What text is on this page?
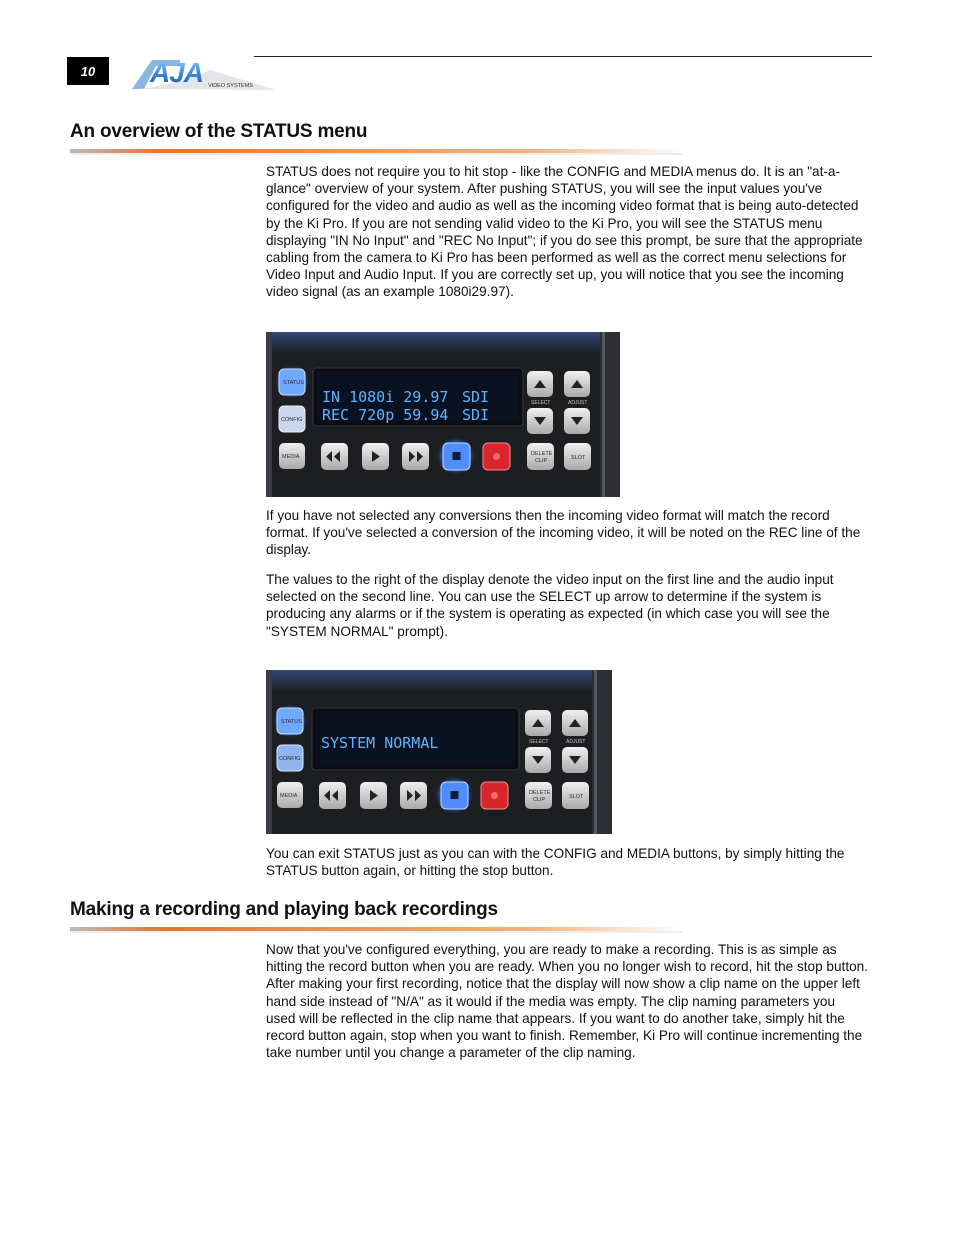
10	AJA VIDEO SYSTEMS
An overview of the STATUS menu

STATUS does not require you to hit stop - like the CONFIG and MEDIA menus do. It is an "at-a-glance" overview of your system. After pushing STATUS, you will see the input values you've configured for the video and audio as well as the incoming video format that is being auto-detected by the Ki Pro. If you are not sending valid video to the Ki Pro, you will see the STATUS menu displaying "IN No Input" and "REC No Input"; if you do see this prompt, be sure that the appropriate cabling from the camera to Ki Pro has been performed as well as the correct menu selections for Video Input and Audio Input. If you are correctly set up, you will notice that you see the incoming video signal (as an example 1080i29.97).

IN 1080i 29.97 SDI
REC 720p 59.94 SDI
STATUS
CONFIG
MEDIA
SELECT	ADJUST
DELETE
CLIP	SLOT

If you have not selected any conversions then the incoming video format will match the record format. If you've selected a conversion of the incoming video, it will be noted on the REC line of the display.

The values to the right of the display denote the video input on the first line and the audio input selected on the second line. You can use the SELECT up arrow to determine if the system is producing any alarms or if the system is operating as expected (in which case you will see the "SYSTEM NORMAL" prompt).

SYSTEM NORMAL
STATUS
CONFIG
MEDIA
SELECT	ADJUST
DELETE
CLIP	SLOT

You can exit STATUS just as you can with the CONFIG and MEDIA buttons, by simply hitting the STATUS button again, or hitting the stop button.

Making a recording and playing back recordings

Now that you've configured everything, you are ready to make a recording. This is as simple as hitting the record button when you are ready. When you no longer wish to record, hit the stop button. After making your first recording, notice that the display will now show a clip name on the upper left hand side instead of "N/A" as it would if the media was empty. The clip naming parameters you used will be reflected in the clip name that appears. If you want to do another take, simply hit the record button again, stop when you want to finish. Remember, Ki Pro will continue incrementing the take number until you change a parameter of the clip naming.
